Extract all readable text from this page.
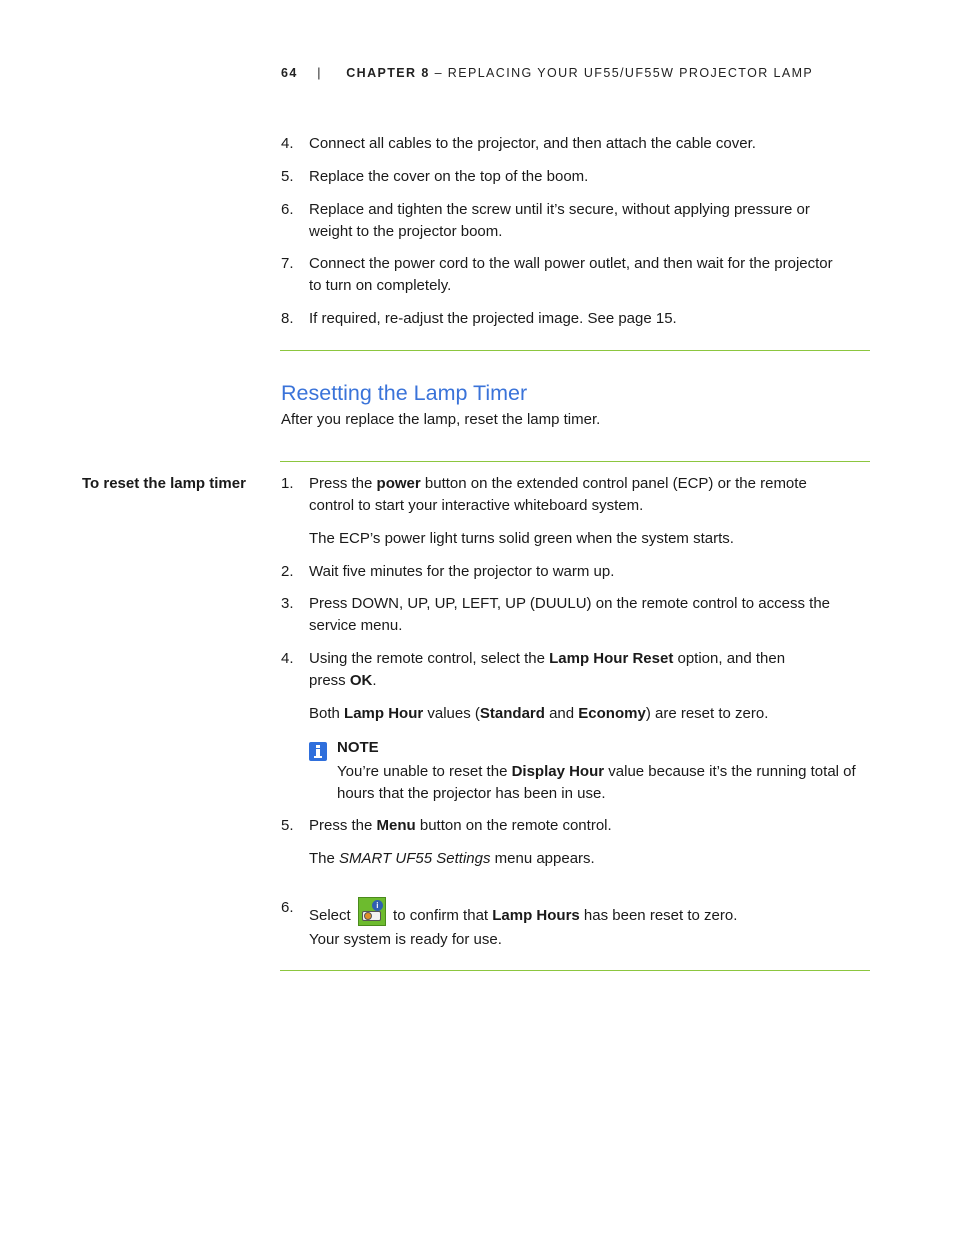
64 | CHAPTER 8 – REPLACING YOUR UF55/UF55W PROJECTOR LAMP
4.	Connect all cables to the projector, and then attach the cable cover.
5.	Replace the cover on the top of the boom.
6.	Replace and tighten the screw until it’s secure, without applying pressure or
weight to the projector boom.
7.	Connect the power cord to the wall power outlet, and then wait for the projector
to turn on completely.
8.	If required, re-adjust the projected image. See page 15.
Resetting the Lamp Timer
After you replace the lamp, reset the lamp timer.
To reset the lamp timer 1.	Press the power button on the extended control panel (ECP) or the remote
control to start your interactive whiteboard system.
The ECP’s power light turns solid green when the system starts.
2.	Wait five minutes for the projector to warm up.
3.	Press DOWN, UP, UP, LEFT, UP (DUULU) on the remote control to access the
service menu.
4.	Using the remote control, select the Lamp Hour Reset option, and then
press OK.
Both Lamp Hour values (Standard and Economy) are reset to zero.
NOTE
You’re unable to reset the Display Hour value because it’s the running total of
hours that the projector has been in use.
5.	Press the Menu button on the remote control.
The SMART UF55 Settings menu appears.
6.	Select
i
to confirm that Lamp Hours has been reset to zero.
Your system is ready for use.
